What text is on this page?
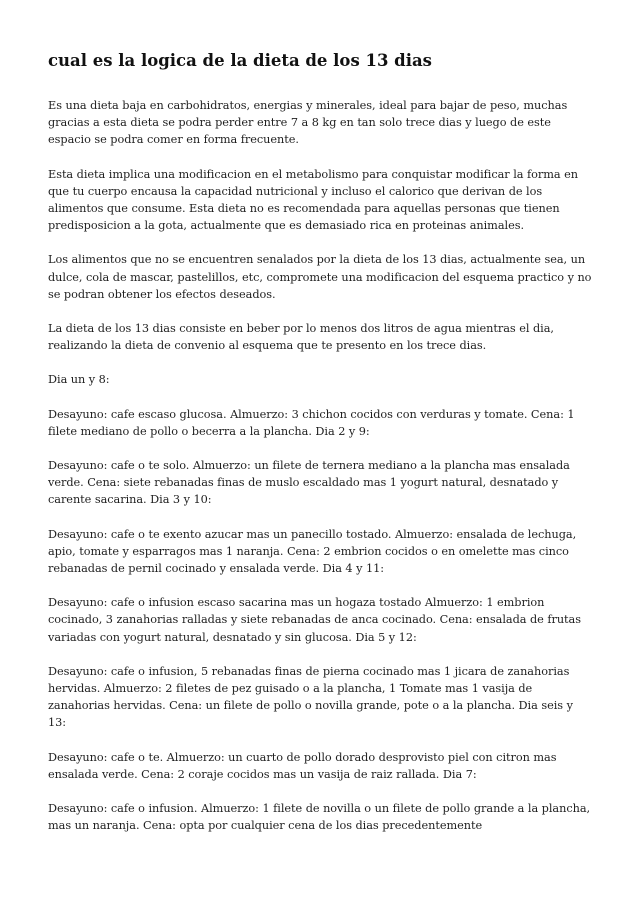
cual es la logica de la dieta de los 13 dias

Es una dieta baja en carbohidratos, energias y minerales, ideal para bajar de peso, muchas gracias a esta dieta se podra perder entre 7 a 8 kg en tan solo trece dias y luego de este espacio se podra comer en forma frecuente.

Esta dieta implica una modificacion en el metabolismo para conquistar modificar la forma en que tu cuerpo encausa la capacidad nutricional y incluso el calorico que derivan de los alimentos que consume. Esta dieta no es recomendada para aquellas personas que tienen predisposicion a la gota, actualmente que es demasiado rica en proteinas animales.

Los alimentos que no se encuentren senalados por la dieta de los 13 dias, actualmente sea, un dulce, cola de mascar, pastelillos, etc, compromete una modificacion del esquema practico y no se podran obtener los efectos deseados.

La dieta de los 13 dias consiste en beber por lo menos dos litros de agua mientras el dia, realizando la dieta de convenio al esquema que te presento en los trece dias.

Dia un y 8:

Desayuno: cafe escaso glucosa. Almuerzo: 3 chichon cocidos con verduras y tomate. Cena: 1 filete mediano de pollo o becerra a la plancha. Dia 2 y 9:

Desayuno: cafe o te solo. Almuerzo: un filete de ternera mediano a la plancha mas ensalada verde. Cena: siete rebanadas finas de muslo escaldado mas 1 yogurt natural, desnatado y carente sacarina. Dia 3 y 10:

Desayuno: cafe o te exento azucar mas un panecillo tostado. Almuerzo: ensalada de lechuga, apio, tomate y esparragos mas 1 naranja. Cena: 2 embrion cocidos o en omelette mas cinco rebanadas de pernil cocinado y ensalada verde. Dia 4 y 11:

Desayuno: cafe o infusion escaso sacarina mas un hogaza tostado Almuerzo: 1 embrion cocinado, 3 zanahorias ralladas y siete rebanadas de anca cocinado. Cena: ensalada de frutas variadas con yogurt natural, desnatado y sin glucosa. Dia 5 y 12:

Desayuno: cafe o infusion, 5 rebanadas finas de pierna cocinado mas 1 jicara de zanahorias hervidas. Almuerzo: 2 filetes de pez guisado o a la plancha, 1 Tomate mas 1 vasija de zanahorias hervidas. Cena: un filete de pollo o novilla grande, pote o a la plancha. Dia seis y 13:

Desayuno: cafe o te. Almuerzo: un cuarto de pollo dorado desprovisto piel con citron mas ensalada verde. Cena: 2 coraje cocidos mas un vasija de raiz rallada. Dia 7:

Desayuno: cafe o infusion. Almuerzo: 1 filete de novilla o un filete de pollo grande a la plancha, mas un naranja. Cena: opta por cualquier cena de los dias precedentemente
